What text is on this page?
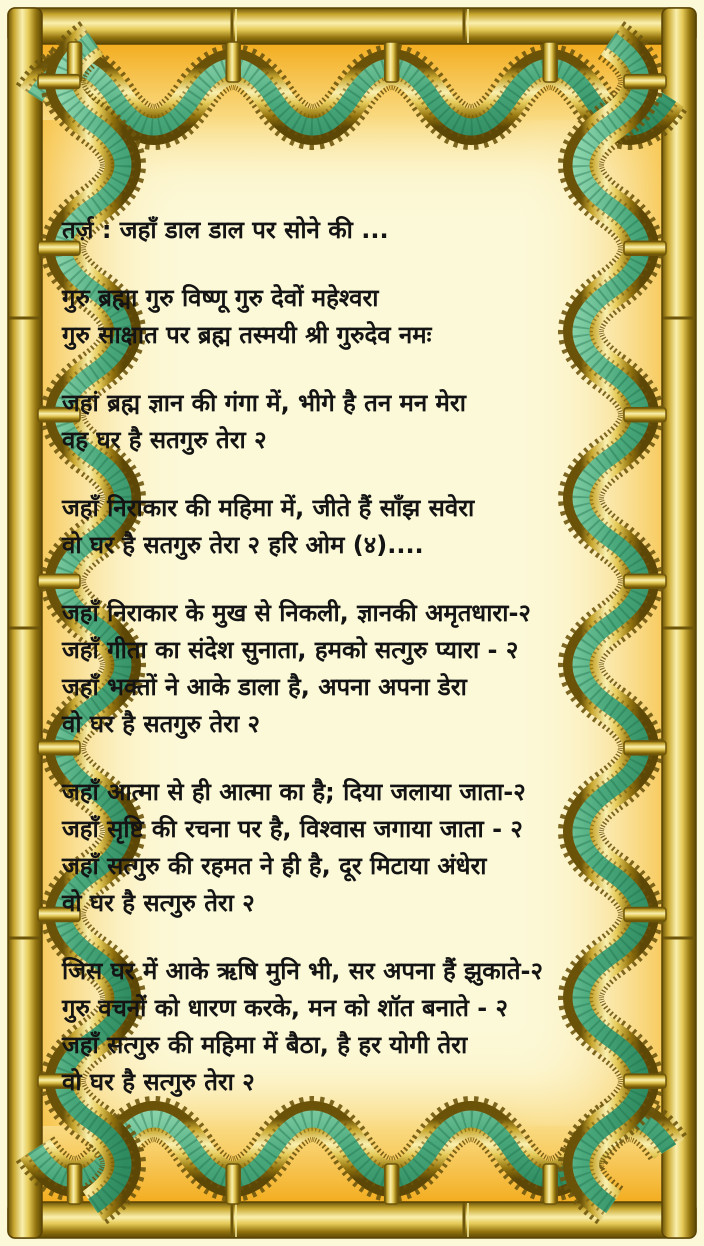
तर्ज़ : जहाँ डाल डाल पर सोने की ...
गुरु ब्रह्मा गुरु विष्णू गुरु देवों महेश्वरा
गुरु साक्षात पर ब्रह्म तस्मयी श्री गुरुदेव नमः
जहां ब्रह्म ज्ञान की गंगा में, भीगे है तन मन मेरा
वह घर है सतगुरु तेरा २
जहाँ निराकार की महिमा में, जीते हैं साँझ सवेरा
वो घर है सतगुरु तेरा २ हरि ओम (४)....
जहाँ निराकार के मुख से निकली, ज्ञानकी अमृतधारा-२
जहाँ गीता का संदेश सुनाता, हमको सत्गुरु प्यारा - २
जहाँ भक्तों ने आके डाला है, अपना अपना डेरा
वो घर है सतगुरु तेरा २
जहाँ आत्मा से ही आत्मा का है; दिया जलाया जाता-२
जहाँ सृष्टि की रचना पर है, विश्वास जगाया जाता - २
जहाँ सत्गुरु की रहमत ने ही है, दूर मिटाया अंधेरा
वो घर है सत्गुरु तेरा २
जिस घर में आके ऋषि मुनि भी, सर अपना हैं झुकाते-२
गुरु वचनों को धारण करके, मन को शॉत बनाते - २
जहाँ सत्गुरु की महिमा में बैठा, है हर योगी तेरा
वो घर है सत्गुरु तेरा २
